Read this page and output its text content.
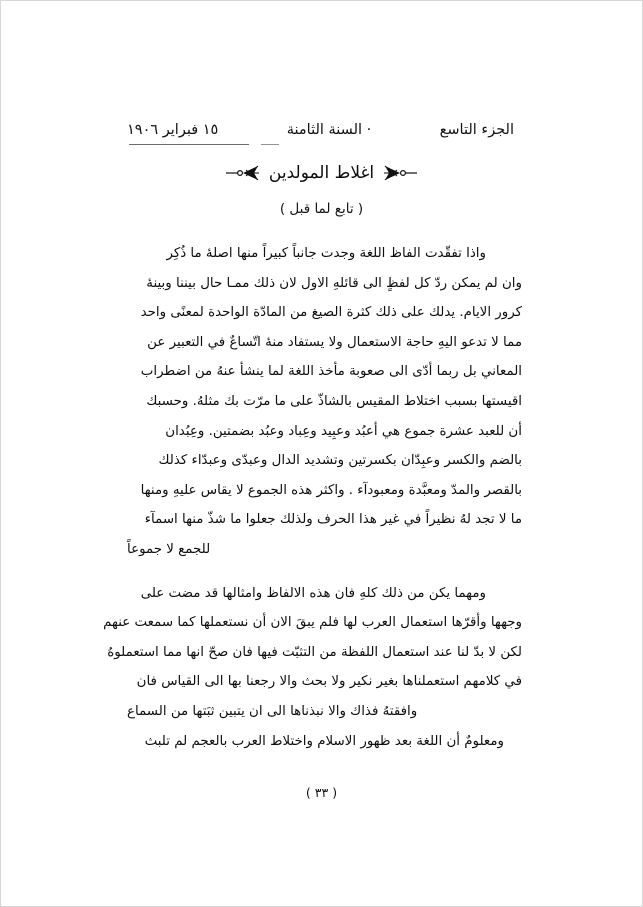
الجزء التاسع
· السنة الثامنة
١٥ فبراير ١٩٠٦
اغلاط المولدين
( تابع لما قبل )
واذا تفقّدت الفاظ اللغة وجدت جانباً كبيراً منها اصلهٔ ما ذُكِر
وان لم يمكن ردّ كل لفظٍ الى قائلهِ الاول لان ذلك ممـا حال بيننا وبينهٔ
كرور الايام. يدلك على ذلك كثرة الصيغ من المادّة الواحدة لمعنًى واحد
مما لا تدعو اليهِ حاجة الاستعمال ولا يستفاد منهٔ اتّساعٌ في التعبير عن
المعاني بل ربما أدّى الى صعوبة مأخذ اللغة لما ينشأ عنهُ من اضطراب
اقيستها بسبب اختلاط المقيس بالشاذّ على ما مرّت بك مثلهُ. وحسبك
أن للعبد عشرة جموع هي أعبُد وعبِيد وعِباد وعبُد بضمتين. وعِبُدان
بالضم والكسر وعبِدّان بكسرتين وتشديد الدال وعبدّى وعبدّاء كذلك
بالقصر والمدّ ومعبَّدة ومعبودآء . واكثر هذه الجموع لا يقاس عليهِ ومنها
ما لا تجد لهُ نظيراً في غير هذا الحرف ولذلك جعلوا ما شذّ منها اسمآء
للجمع لا جموعاً
ومهما يكن من ذلك كلهِ فان هذه الالفاظ وامثالها قد مضت على
وجهها وأقرّها استعمال العرب لها فلم يبقَ الان أن نستعملها كما سمعت عنهم
لكن لا بدّ لنا عند استعمال اللفظة من التثبّت فيها فان صحّ انها مما استعملوهُ
في كلامهم استعملناها بغير نكير ولا بحث والا رجعنا بها الى القياس فان
وافقتهُ فذاك والا نبذناها الى ان يتبين ثبَتها من السماع
ومعلومٌ أن اللغة بعد ظهور الاسلام واختلاط العرب بالعجم لم تلبث
( ٣٣ )
